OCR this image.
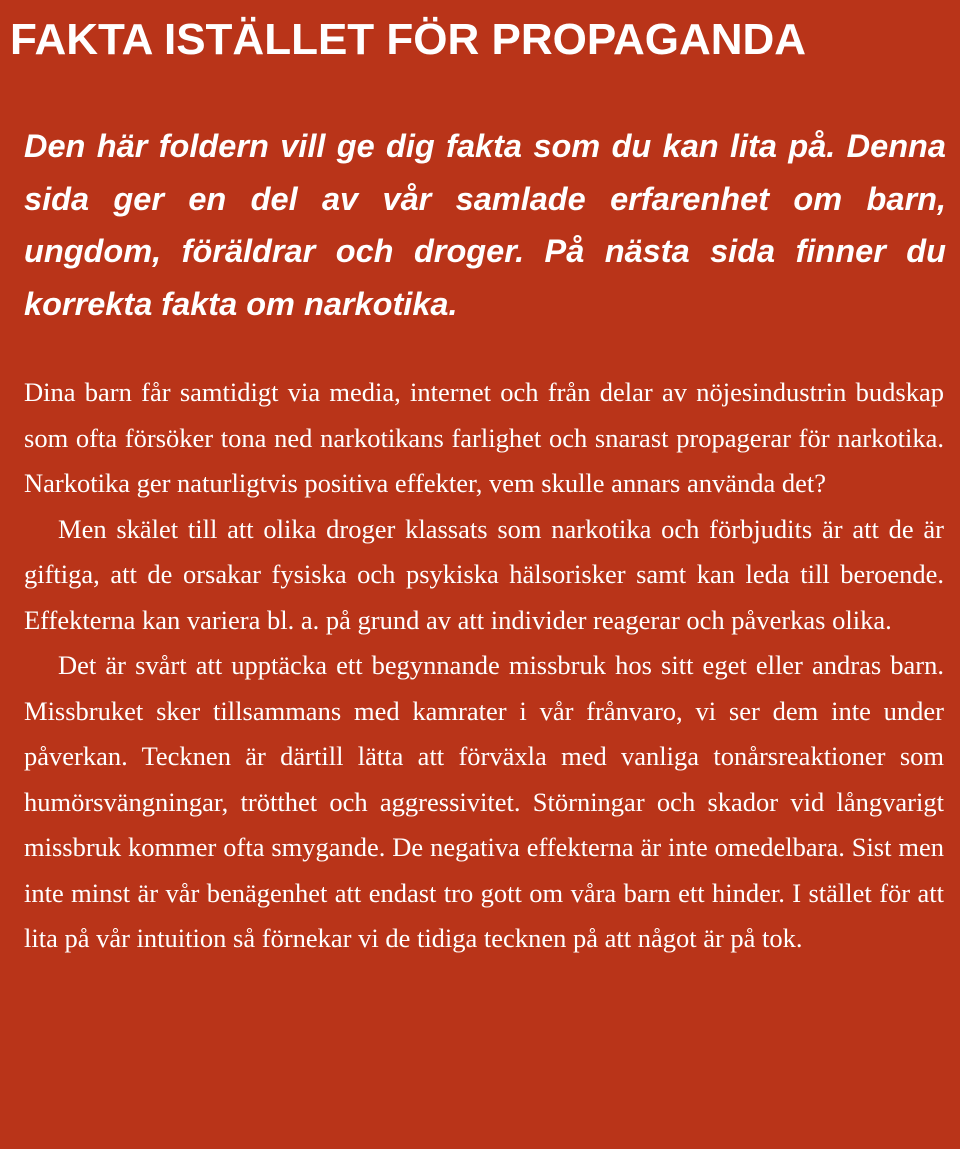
FAKTA ISTÄLLET FÖR PROPAGANDA

Den här foldern vill ge dig fakta som du kan lita på. Denna sida ger en del av vår samlade erfarenhet om barn, ungdom, föräldrar och droger. På nästa sida finner du korrekta fakta om narkotika.

Dina barn får samtidigt via media, internet och från delar av nöjesindustrin budskap som ofta försöker tona ned narkotikans farlighet och snarast propagerar för narkotika. Narkotika ger naturligtvis positiva effekter, vem skulle annars använda det?

Men skälet till att olika droger klassats som narkotika och förbjudits är att de är giftiga, att de orsakar fysiska och psykiska hälsorisker samt kan leda till beroende. Effekterna kan variera bl. a. på grund av att individer reagerar och påverkas olika.

Det är svårt att upptäcka ett begynnande missbruk hos sitt eget eller andras barn. Missbruket sker tillsammans med kamrater i vår frånvaro, vi ser dem inte under påverkan. Tecknen är därtill lätta att förväxla med vanliga tonårsreaktioner som humörsvängningar, trötthet och aggressivitet. Störningar och skador vid långvarigt missbruk kommer ofta smygande. De negativa effekterna är inte omedelbara. Sist men inte minst är vår benägenhet att endast tro gott om våra barn ett hinder. I stället för att lita på vår intuition så förnekar vi de tidiga tecknen på att något är på tok.
